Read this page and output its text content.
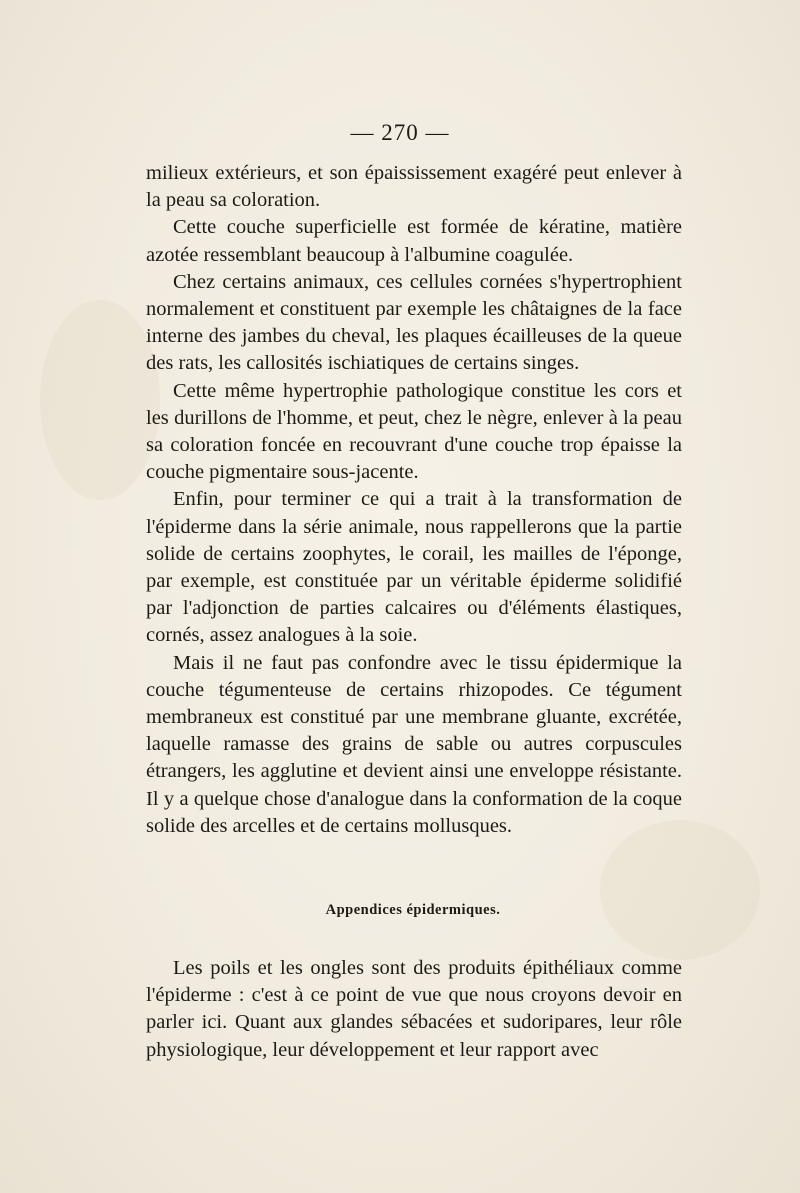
— 270 —

milieux extérieurs, et son épaississement exagéré peut enlever à la peau sa coloration.

Cette couche superficielle est formée de kératine, matière azotée ressemblant beaucoup à l'albumine coagulée.

Chez certains animaux, ces cellules cornées s'hypertrophient normalement et constituent par exemple les châtaignes de la face interne des jambes du cheval, les plaques écailleuses de la queue des rats, les callosités ischiatiques de certains singes.

Cette même hypertrophie pathologique constitue les cors et les durillons de l'homme, et peut, chez le nègre, enlever à la peau sa coloration foncée en recouvrant d'une couche trop épaisse la couche pigmentaire sous-jacente.

Enfin, pour terminer ce qui a trait à la transformation de l'épiderme dans la série animale, nous rappellerons que la partie solide de certains zoophytes, le corail, les mailles de l'éponge, par exemple, est constituée par un véritable épiderme solidifié par l'adjonction de parties calcaires ou d'éléments élastiques, cornés, assez analogues à la soie.

Mais il ne faut pas confondre avec le tissu épidermique la couche tégumenteuse de certains rhizopodes. Ce tégument membraneux est constitué par une membrane gluante, excrétée, laquelle ramasse des grains de sable ou autres corpuscules étrangers, les agglutine et devient ainsi une enveloppe résistante. Il y a quelque chose d'analogue dans la conformation de la coque solide des arcelles et de certains mollusques.

Appendices épidermiques.

Les poils et les ongles sont des produits épithéliaux comme l'épiderme : c'est à ce point de vue que nous croyons devoir en parler ici. Quant aux glandes sébacées et sudoripares, leur rôle physiologique, leur développement et leur rapport avec
